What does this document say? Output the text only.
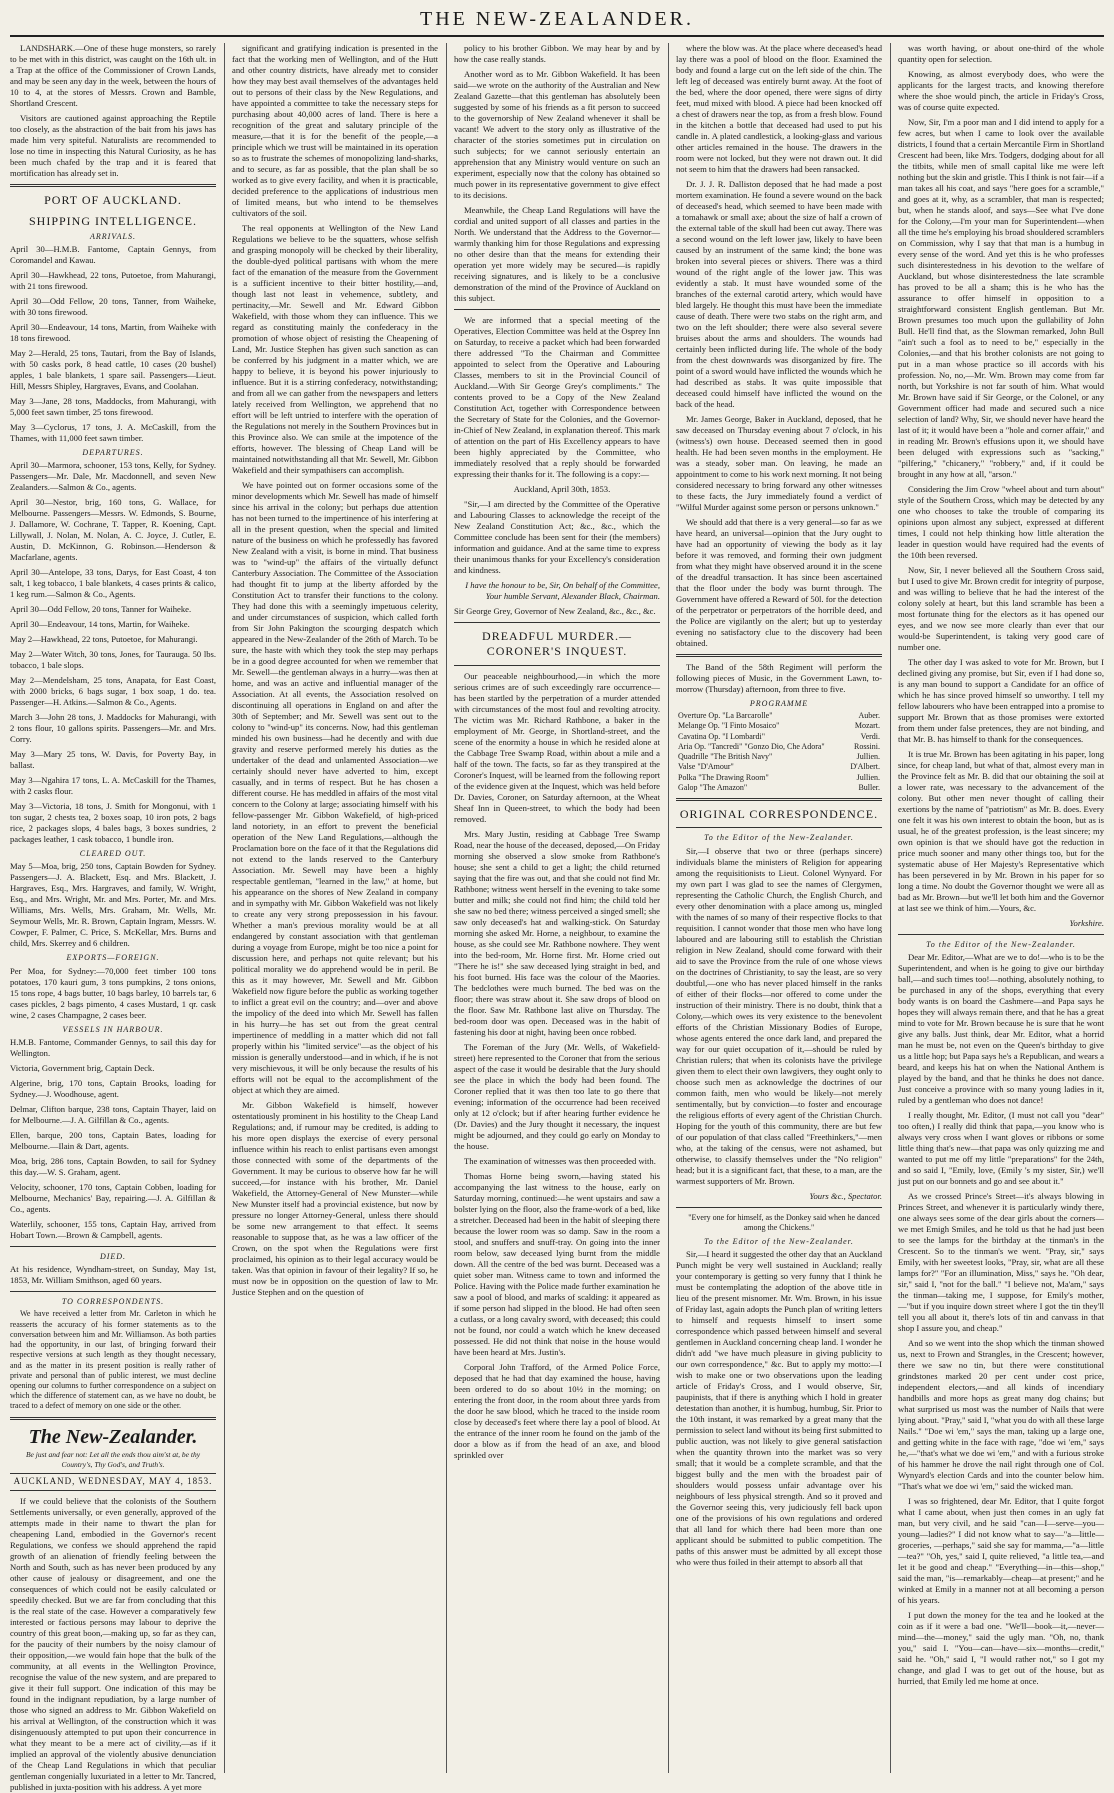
THE NEW-ZEALANDER.

LANDSHARK.—One of these huge monsters, so rarely to be met with in this district, was caught on the 16th ult. in a Trap at the office of the Commissioner of Crown Lands, and may be seen any day in the week, between the hours of 10 to 4, at the stores of Messrs. Crown and Bamble, Shortland Crescent.

Visitors are cautioned against approaching the Reptile too closely, as the abstraction of the bait from his jaws has made him very spiteful. Naturalists are recommended to lose no time in inspecting this Natural Curiosity, as he has been much chafed by the trap and it is feared that mortification has already set in.

PORT OF AUCKLAND.
SHIPPING INTELLIGENCE.
ARRIVALS.

April 30—H.M.B. Fantome, Captain Gennys, from Coromandel and Kawau.

April 30—Hawkhead, 22 tons, Putoetoe, from Mahurangi, with 21 tons firewood.

April 30—Odd Fellow, 20 tons, Tanner, from Waiheke, with 30 tons firewood.

April 30—Endeavour, 14 tons, Martin, from Waiheke with 18 tons firewood.

May 2—Herald, 25 tons, Tautari, from the Bay of Islands, with 50 casks pork, 8 head cattle, 10 cases (20 bushel) apples, 1 bale blankets, 1 spare sail. Passengers—Lieut. Hill, Messrs Shipley, Hargraves, Evans, and Coolahan.

May 3—Jane, 28 tons, Maddocks, from Mahurangi, with 5,000 feet sawn timber, 25 tons firewood.

May 3—Cyclorus, 17 tons, J. A. McCaskill, from the Thames, with 11,000 feet sawn timber.

DEPARTURES.

April 30—Marmora, schooner, 153 tons, Kelly, for Sydney. Passengers—Mr. Dale, Mr. Macdonnell, and seven New Zealanders.—Salmon & Co., agents.

April 30—Nestor, brig, 160 tons, G. Wallace, for Melbourne. Passengers—Messrs. W. Edmonds, S. Bourne, J. Dallamore, W. Cochrane, T. Tapper, R. Koening, Capt. Lillywall, J. Nolan, M. Nolan, A. C. Joyce, J. Cutler, E. Austin, D. McKinnon, G. Robinson.—Henderson & Macfarlane, agents.

April 30—Antelope, 33 tons, Darys, for East Coast, 4 ton salt, 1 keg tobacco, 1 bale blankets, 4 cases prints & calico, 1 keg rum.—Salmon & Co., Agents.

April 30—Odd Fellow, 20 tons, Tanner for Waiheke.

April 30—Endeavour, 14 tons, Martin, for Waiheke.

May 2—Hawkhead, 22 tons, Putoetoe, for Mahurangi.

May 2—Water Witch, 30 tons, Jones, for Taurauga. 50 lbs. tobacco, 1 bale slops.

May 2—Mendelsham, 25 tons, Anapata, for East Coast, with 2000 bricks, 6 bags sugar, 1 box soap, 1 do. tea. Passenger—H. Atkins.—Salmon & Co., Agents.

March 3—John 28 tons, J. Maddocks for Mahurangi, with 2 tons flour, 10 gallons spirits. Passengers—Mr. and Mrs. Corry.

May 3—Mary 25 tons, W. Davis, for Poverty Bay, in ballast.

May 3—Ngahira 17 tons, L. A. McCaskill for the Thames, with 2 casks flour.

May 3—Victoria, 18 tons, J. Smith for Mongonui, with 1 ton sugar, 2 chests tea, 2 boxes soap, 10 iron pots, 2 bags rice, 2 packages slops, 4 bales bags, 3 boxes sundries, 2 packages leather, 1 cask tobacco, 1 bundle iron.

CLEARED OUT.

May 5—Moa, brig, 250 tons, Captain Bowden for Sydney. Passengers—J. A. Blackett, Esq. and Mrs. Blackett, J. Hargraves, Esq., Mrs. Hargraves, and family, W. Wright, Esq., and Mrs. Wright, Mr. and Mrs. Porter, Mr. and Mrs. Williams, Mrs. Wells, Mrs. Graham, Mr. Wells, Mr. Seymour Wells, Mr. R. Brown, Captain Ingram, Messrs. W. Cowper, F. Palmer, C. Price, S. McKellar, Mrs. Burns and child, Mrs. Skerrey and 6 children.

EXPORTS—FOREIGN.

Per Moa, for Sydney:—70,000 feet timber 100 tons potatoes, 170 kauri gum, 3 tons pumpkins, 2 tons onions, 15 tons rope, 4 bags butter, 10 bags barley, 10 barrels tar, 6 cases pickles, 2 bags pimento, 4 cases Mustard, 1 qr. cask wine, 2 cases Champagne, 2 cases beer.

VESSELS IN HARBOUR.

H.M.B. Fantome, Commander Gennys, to sail this day for Wellington.

Victoria, Government brig, Captain Deck.

Algerine, brig, 170 tons, Captain Brooks, loading for Sydney.—J. Woodhouse, agent.

Delmar, Clifton barque, 238 tons, Captain Thayer, laid on for Melbourne.—J. A. Gilfillan & Co., agents.

Ellen, barque, 200 tons, Captain Bates, loading for Melbourne.—Ilain & Dart, agents.

Moa, brig, 286 tons, Captain Bowden, to sail for Sydney this day.—W. S. Graham, agent.

Velocity, schooner, 170 tons, Captain Cobben, loading for Melbourne, Mechanics' Bay, repairing.—J. A. Gilfillan & Co., agents.

Waterlily, schooner, 155 tons, Captain Hay, arrived from Hobart Town.—Brown & Campbell, agents.

DIED.

At his residence, Wyndham-street, on Sunday, May 1st, 1853, Mr. William Smithson, aged 60 years.

TO CORRESPONDENTS.

We have received a letter from Mr. Carleton in which he reasserts the accuracy of his former statements as to the conversation between him and Mr. Williamson. As both parties had the opportunity, in our last, of bringing forward their respective versions at such length as they thought necessary, and as the matter in its present position is really rather of private and personal than of public interest, we must decline opening our columns to further correspondence on a subject on which the difference of statement can, as we have no doubt, be traced to a defect of memory on one side or the other.

The New-Zealander.
Be just and fear not: Let all the ends thou aim'st at, be thy Country's, Thy God's, and Truth's.
AUCKLAND, WEDNESDAY, MAY 4, 1853.

If we could believe that the colonists of the Southern Settlements universally, or even generally, approved of the attempts made in their name to thwart the plan for cheapening Land, embodied in the Governor's recent Regulations, we confess we should apprehend the rapid growth of an alienation of friendly feeling between the North and South, such as has never been produced by any other cause of jealousy or disagreement, and one the consequences of which could not be easily calculated or speedily checked. But we are far from concluding that this is the real state of the case. However a comparatively few interested or factious persons may labour to deprive the country of this great boon,—making up, so far as they can, for the paucity of their numbers by the noisy clamour of their opposition,—we would fain hope that the bulk of the community, at all events in the Wellington Province, recognise the value of the new system, and are prepared to give it their full support. One indication of this may be found in the indignant repudiation, by a large number of those who signed an address to Mr. Gibbon Wakefield on his arrival at Wellington, of the construction which it was disingenuously attempted to put upon their concurrence in what they meant to be a mere act of civility,—as if it implied an approval of the violently abusive denunciation of the Cheap Land Regulations in which that peculiar gentleman congenially luxuriated in a letter to Mr. Tancred, published in juxta-position with his address. A yet more

significant and gratifying indication is presented in the fact that the working men of Wellington, and of the Hutt and other country districts, have already met to consider how they may best avail themselves of the advantages held out to persons of their class by the New Regulations, and have appointed a committee to take the necessary steps for purchasing about 40,000 acres of land. There is here a recognition of the great and salutary principle of the measure,—that it is for the benefit of the people,—a principle which we trust will be maintained in its operation so as to frustrate the schemes of monopolizing land-sharks, and to secure, as far as possible, that the plan shall be so worked as to give every facility, and when it is practicable, decided preference to the applications of industrious men of limited means, but who intend to be themselves cultivators of the soil.

The real opponents at Wellington of the New Land Regulations we believe to be the squatters, whose selfish and grasping monopoly will be checked by their liberality, the double-dyed political partisans with whom the mere fact of the emanation of the measure from the Government is a sufficient incentive to their bitter hostility,—and, though last not least in vehemence, subtlety, and pertinacity,—Mr. Sewell and Mr. Edward Gibbon Wakefield, with those whom they can influence. This we regard as constituting mainly the confederacy in the promotion of whose object of resisting the Cheapening of Land, Mr. Justice Stephen has given such sanction as can be conferred by his judgment in a matter which, we are happy to believe, it is beyond his power injuriously to influence. But it is a stirring confederacy, notwithstanding; and from all we can gather from the newspapers and letters lately received from Wellington, we apprehend that no effort will be left untried to interfere with the operation of the Regulations not merely in the Southern Provinces but in this Province also. We can smile at the impotence of the efforts, however. The blessing of Cheap Land will be maintained notwithstanding all that Mr. Sewell, Mr. Gibbon Wakefield and their sympathisers can accomplish.

We have pointed out on former occasions some of the minor developments which Mr. Sewell has made of himself since his arrival in the colony; but perhaps due attention has not been turned to the impertinence of his interfering at all in the present question, when the special and limited nature of the business on which he professedly has favored New Zealand with a visit, is borne in mind. That business was to "wind-up" the affairs of the virtually defunct Canterbury Association. The Committee of the Association had thought fit to jump at the liberty afforded by the Constitution Act to transfer their functions to the colony. They had done this with a seemingly impetuous celerity, and under circumstances of suspicion, which called forth from Sir John Pakington the scourging despatch which appeared in the New-Zealander of the 26th of March. To be sure, the haste with which they took the step may perhaps be in a good degree accounted for when we remember that Mr. Sewell—the gentleman always in a hurry—was then at home, and was an active and influential manager of the Association. At all events, the Association resolved on discontinuing all operations in England on and after the 30th of September; and Mr. Sewell was sent out to the colony to "wind-up" its concerns. Now, had this gentleman minded his own business—had he decently and with due gravity and reserve performed merely his duties as the undertaker of the dead and unlamented Association—we certainly should never have adverted to him, except casually, and in terms of respect. But he has chosen a different course. He has meddled in affairs of the most vital concern to the Colony at large; associating himself with his fellow-passenger Mr. Gibbon Wakefield, of high-priced land notoriety, in an effort to prevent the beneficial operation of the New Land Regulations,—although the Proclamation bore on the face of it that the Regulations did not extend to the lands reserved to the Canterbury Association. Mr. Sewell may have been a highly respectable gentleman, "learned in the law," at home, but his appearance on the shores of New Zealand in company and in sympathy with Mr. Gibbon Wakefield was not likely to create any very strong prepossession in his favour. Whether a man's previous morality would be at all endangered by constant association with that gentleman during a voyage from Europe, might be too nice a point for discussion here, and perhaps not quite relevant; but his political morality we do apprehend would be in peril. Be this as it may however, Mr. Sewell and Mr. Gibbon Wakefield now figure before the public as working together to inflict a great evil on the country; and—over and above the impolicy of the deed into which Mr. Sewell has fallen in his hurry—he has set out from the great central impertinence of meddling in a matter which did not fall properly within his "limited service"—as the object of his mission is generally understood—and in which, if he is not very mischievous, it will be only because the results of his efforts will not be equal to the accomplishment of the object at which they are aimed.

Mr. Gibbon Wakefield is himself, however ostentatiously prominent in his hostility to the Cheap Land Regulations; and, if rumour may be credited, is adding to his more open displays the exercise of every personal influence within his reach to enlist partisans even amongst those connected with some of the departments of the Government. It may be curious to observe how far he will succeed,—for instance with his brother, Mr. Daniel Wakefield, the Attorney-General of New Munster—while New Munster itself had a provincial existence, but now by pressure no longer Attorney-General, unless there should be some new arrangement to that effect. It seems reasonable to suppose that, as he was a law officer of the Crown, on the spot when the Regulations were first proclaimed, his opinion as to their legal accuracy would be taken. Was that opinion in favour of their legality? If so, he must now be in opposition on the question of law to Mr. Justice Stephen and on the question of

policy to his brother Gibbon. We may hear by and by how the case really stands.

Another word as to Mr. Gibbon Wakefield. It has been said—we wrote on the authority of the Australian and New Zealand Gazette—that this gentleman has absolutely been suggested by some of his friends as a fit person to succeed to the governorship of New Zealand whenever it shall be vacant! We advert to the story only as illustrative of the character of the stories sometimes put in circulation on such subjects; for we cannot seriously entertain an apprehension that any Ministry would venture on such an experiment, especially now that the colony has obtained so much power in its representative government to give effect to its decisions.

Meanwhile, the Cheap Land Regulations will have the cordial and united support of all classes and parties in the North. We understand that the Address to the Governor—warmly thanking him for those Regulations and expressing no other desire than that the means for extending their operation yet more widely may be secured—is rapidly receiving signatures, and is likely to be a conclusive demonstration of the mind of the Province of Auckland on this subject.

We are informed that a special meeting of the Operatives, Election Committee was held at the Osprey Inn on Saturday, to receive a packet which had been forwarded there addressed "To the Chairman and Committee appointed to select from the Operative and Labouring Classes, members to sit in the Provincial Council of Auckland.—With Sir George Grey's compliments." The contents proved to be a Copy of the New Zealand Constitution Act, together with Correspondence between the Secretary of State for the Colonies, and the Governor-in-Chief of New Zealand, in explanation thereof. This mark of attention on the part of His Excellency appears to have been highly appreciated by the Committee, who immediately resolved that a reply should be forwarded expressing their thanks for it. The following is a copy:—

Auckland, April 30th, 1853.

"Sir,—I am directed by the Committee of the Operative and Labouring Classes to acknowledge the receipt of the New Zealand Constitution Act; &c., &c., which the Committee conclude has been sent for their (the members) information and guidance. And at the same time to express their unanimous thanks for your Excellency's consideration and kindness.

I have the honour to be, Sir, On behalf of the Committee, Your humble Servant, Alexander Black, Chairman.

Sir George Grey, Governor of New Zealand, &c., &c., &c.

DREADFUL MURDER.—CORONER'S INQUEST.

Our peaceable neighbourhood,—in which the more serious crimes are of such exceedingly rare occurrence—has been startled by the perpetration of a murder attended with circumstances of the most foul and revolting atrocity. The victim was Mr. Richard Rathbone, a baker in the employment of Mr. George, in Shortland-street, and the scene of the enormity a house in which he resided alone at the Cabbage Tree Swamp Road, within about a mile and a half of the town. The facts, so far as they transpired at the Coroner's Inquest, will be learned from the following report of the evidence given at the Inquest, which was held before Dr. Davies, Coroner, on Saturday afternoon, at the Wheat Sheaf Inn in Queen-street, to which the body had been removed.

Mrs. Mary Justin, residing at Cabbage Tree Swamp Road, near the house of the deceased, deposed,—On Friday morning she observed a slow smoke from Rathbone's house; she sent a child to get a light; the child returned saying that the fire was out, and that she could not find Mr. Rathbone; witness went herself in the evening to take some butter and milk; she could not find him; the child told her she saw no bed there; witness perceived a singed smell; she saw only deceased's hat and walking-stick. On Saturday morning she asked Mr. Horne, a neighbour, to examine the house, as she could see Mr. Rathbone nowhere. They went into the bed-room, Mr. Horne first. Mr. Horne cried out "There he is!" she saw deceased lying straight in bed, and his foot burned. His face was the colour of the Maories. The bedclothes were much burned. The bed was on the floor; there was straw about it. She saw drops of blood on the floor. Saw Mr. Rathbone last alive on Thursday. The bed-room door was open. Deceased was in the habit of fastening his door at night, having been once robbed.

The Foreman of the Jury (Mr. Wells, of Wakefield-street) here represented to the Coroner that from the serious aspect of the case it would be desirable that the Jury should see the place in which the body had been found. The Coroner replied that it was then too late to go there that evening; information of the occurrence had been received only at 12 o'clock; but if after hearing further evidence he (Dr. Davies) and the Jury thought it necessary, the inquest might be adjourned, and they could go early on Monday to the house.

The examination of witnesses was then proceeded with.

Thomas Horne being sworn,—having stated his accompanying the last witness to the house, early on Saturday morning, continued:—he went upstairs and saw a bolster lying on the floor, also the frame-work of a bed, like a stretcher. Deceased had been in the habit of sleeping there because the lower room was so damp. Saw in the room a stool, and snuffers and snuff-tray. On going into the inner room below, saw deceased lying burnt from the middle down. All the centre of the bed was burnt. Deceased was a quiet sober man. Witness came to town and informed the Police. Having with the Police made further examination he saw a pool of blood, and marks of scalding: it appeared as if some person had slipped in the blood. He had often seen a cutlass, or a long cavalry sword, with deceased; this could not be found, nor could a watch which he knew deceased possessed. He did not think that noise in the house would have been heard at Mrs. Justin's.

Corporal John Trafford, of the Armed Police Force, deposed that he had that day examined the house, having been ordered to do so about 10½ in the morning; on entering the front door, in the room about three yards from the door he saw blood, which he traced to the inside room close by deceased's feet where there lay a pool of blood. At the entrance of the inner room he found on the jamb of the door a blow as if from the head of an axe, and blood sprinkled over

where the blow was. At the place where deceased's head lay there was a pool of blood on the floor. Examined the body and found a large cut on the left side of the chin. The left leg of deceased was entirely burnt away. At the foot of the bed, where the door opened, there were signs of dirty feet, mud mixed with blood. A piece had been knocked off a chest of drawers near the top, as from a fresh blow. Found in the kitchen a bottle that deceased had used to put his candle in. A plated candlestick, a looking-glass and various other articles remained in the house. The drawers in the room were not locked, but they were not drawn out. It did not seem to him that the drawers had been ransacked.

Dr. J. J. R. Dalliston deposed that he had made a post mortem examination. He found a severe wound on the back of deceased's head, which seemed to have been made with a tomahawk or small axe; about the size of half a crown of the external table of the skull had been cut away. There was a second wound on the left lower jaw, likely to have been caused by an instrument of the same kind; the bone was broken into several pieces or shivers. There was a third wound of the right angle of the lower jaw. This was evidently a stab. It must have wounded some of the branches of the external carotid artery, which would have bled largely. He thought this must have been the immediate cause of death. There were two stabs on the right arm, and two on the left shoulder; there were also several severe bruises about the arms and shoulders. The wounds had certainly been inflicted during life. The whole of the body from the chest downwards was disorganized by fire. The point of a sword would have inflicted the wounds which he had described as stabs. It was quite impossible that deceased could himself have inflicted the wound on the back of the head.

Mr. James George, Baker in Auckland, deposed, that he saw deceased on Thursday evening about 7 o'clock, in his (witness's) own house. Deceased seemed then in good health. He had been seven months in the employment. He was a steady, sober man. On leaving, he made an appointment to come to his work next morning. It not being considered necessary to bring forward any other witnesses to these facts, the Jury immediately found a verdict of "Wilful Murder against some person or persons unknown."

We should add that there is a very general—so far as we have heard, an universal—opinion that the Jury ought to have had an opportunity of viewing the body as it lay before it was removed, and forming their own judgment from what they might have observed around it in the scene of the dreadful transaction. It has since been ascertained that the floor under the body was burnt through. The Government have offered a Reward of 50l. for the detection of the perpetrator or perpetrators of the horrible deed, and the Police are vigilantly on the alert; but up to yesterday evening no satisfactory clue to the discovery had been obtained.

The Band of the 58th Regiment will perform the following pieces of Music, in the Government Lawn, to-morrow (Thursday) afternoon, from three to five.

PROGRAMME
Overture Op. "La Barcarolle"	Auber.
Melange Op. "I Finto Mosaico"	Mozart.
Cavatina Op. "I Lombardi"	Verdi.
Aria Op. "Tancredi" "Gonzo Dio, Che Adora"	Rossini.
Quadrille "The British Navy"	Jullien.
Valse "D'Amour"	D'Albert.
Polka "The Drawing Room"	Jullien.
Galop "The Amazon"	Buller.
ORIGINAL CORRESPONDENCE.
To the Editor of the New-Zealander.

Sir,—I observe that two or three (perhaps sincere) individuals blame the ministers of Religion for appearing among the requisitionists to Lieut. Colonel Wynyard. For my own part I was glad to see the names of Clergymen, representing the Catholic Church, the English Church, and every other denomination with a place among us, mingled with the names of so many of their respective flocks to that requisition. I cannot wonder that those men who have long laboured and are labouring still to establish the Christian religion in New Zealand, should come forward with their aid to save the Province from the rule of one whose views on the doctrines of Christianity, to say the least, are so very doubtful,—one who has never placed himself in the ranks of either of their flocks—nor offered to come under the instruction of their ministry. There is no doubt, think that a Colony,—which owes its very existence to the benevolent efforts of the Christian Missionary Bodies of Europe, whose agents entered the once dark land, and prepared the way for our quiet occupation of it,—should be ruled by Christian rulers; that when its colonists have the privilege given them to elect their own lawgivers, they ought only to choose such men as acknowledge the doctrines of our common faith, men who would be likely—not merely sentimentally, but by conviction—to foster and encourage the religious efforts of every agent of the Christian Church. Hoping for the youth of this community, there are but few of our population of that class called "Freethinkers,"—men who, at the taking of the census, were not ashamed, but otherwise, to classify themselves under the "No religion" head; but it is a significant fact, that these, to a man, are the warmest supporters of Mr. Brown.

Yours &c., Spectator.

"Every one for himself, as the Donkey said when he danced among the Chickens."

To the Editor of the New-Zealander.

Sir,—I heard it suggested the other day that an Auckland Punch might be very well sustained in Auckland; really your contemporary is getting so very funny that I think he must be contemplating the adoption of the above title in lieu of the present misnomer. Mr. Wm. Brown, in his issue of Friday last, again adopts the Punch plan of writing letters to himself and requests himself to insert some correspondence which passed between himself and several gentlemen in Auckland concerning cheap land. I wonder he didn't add "we have much pleasure in giving publicity to our own correspondence," &c. But to apply my motto:—I wish to make one or two observations upon the leading article of Friday's Cross, and I would observe, Sir, paupinists, that if there is anything which I hold in greater detestation than another, it is humbug, humbug, Sir. Prior to the 10th instant, it was remarked by a great many that the permission to select land without its being first submitted to public auction, was not likely to give general satisfaction when the quantity thrown into the market was so very small; that it would be a complete scramble, and that the biggest bully and the men with the broadest pair of shoulders would possess unfair advantage over his neighbours of less physical strength. And so it proved and the Governor seeing this, very judiciously fell back upon one of the provisions of his own regulations and ordered that all land for which there had been more than one applicant should be submitted to public competition. The paths of this answer must be admitted by all except those who were thus foiled in their attempt to absorb all that

was worth having, or about one-third of the whole quantity open for selection.

Knowing, as almost everybody does, who were the applicants for the largest tracts, and knowing therefore where the shoe would pinch, the article in Friday's Cross, was of course quite expected.

Now, Sir, I'm a poor man and I did intend to apply for a few acres, but when I came to look over the available districts, I found that a certain Mercantile Firm in Shortland Crescent had been, like Mrs. Todgers, dodging about for all the titbits, while men of small capital like me were left nothing but the skin and gristle. This I think is not fair—if a man takes all his coat, and says "here goes for a scramble," and goes at it, why, as a scrambler, that man is respected; but, when he stands aloof, and says—See what I've done for the Colony,—I'm your man for Superintendent—when all the time he's employing his broad shouldered scramblers on Commission, why I say that that man is a humbug in every sense of the word. And yet this is he who professes such disinterestedness in his devotion to the welfare of Auckland, but whose disinterestedness the late scramble has proved to be all a sham; this is he who has the assurance to offer himself in opposition to a straightforward consistent English gentleman. But Mr. Brown presumes too much upon the gullability of John Bull. He'll find that, as the Slowman remarked, John Bull "ain't such a fool as to need to be," especially in the Colonies,—and that his brother colonists are not going to put in a man whose practice so ill accords with his profession. No, no,—Mr. Wm. Brown may come from far north, but Yorkshire is not far south of him. What would Mr. Brown have said if Sir George, or the Colonel, or any Government officer had made and secured such a nice selection of land? Why, Sir, we should never have heard the last of it; it would have been a "hole and corner affair," and in reading Mr. Brown's effusions upon it, we should have been deluged with expressions such as "sacking," "pilfering," "chicanery," "robbery," and, if it could be brought in any how at all, "arson."

Considering the Jim Crow "wheel about and turn about" style of the Southern Cross, which may be detected by any one who chooses to take the trouble of comparing its opinions upon almost any subject, expressed at different times, I could not help thinking how little alteration the leader in question would have required had the events of the 10th been reversed.

Now, Sir, I never believed all the Southern Cross said, but I used to give Mr. Brown credit for integrity of purpose, and was willing to believe that he had the interest of the colony solely at heart, but this land scramble has been a most fortunate thing for the electors as it has opened our eyes, and we now see more clearly than ever that our would-be Superintendent, is taking very good care of number one.

The other day I was asked to vote for Mr. Brown, but I declined giving any promise, but Sir, even if I had done so, is any man bound to support a Candidate for an office of which he has since proved himself so unworthy. I tell my fellow labourers who have been entrapped into a promise to support Mr. Brown that as those promises were extorted from them under false pretences, they are not binding, and that Mr. B. has himself to thank for the consequences.

It is true Mr. Brown has been agitating in his paper, long since, for cheap land, but what of that, almost every man in the Province felt as Mr. B. did that our obtaining the soil at a lower rate, was necessary to the advancement of the colony. But other men never thought of calling their exertions by the name of "patriotism" as Mr. B. does. Every one felt it was his own interest to obtain the boon, but as is usual, he of the greatest profession, is the least sincere; my own opinion is that we should have got the reduction in price much sooner and many other things too, but for the systematic abuse of Her Majesty's Representative which has been persevered in by Mr. Brown in his paper for so long a time. No doubt the Governor thought we were all as bad as Mr. Brown—but we'll let both him and the Governor at last see we think of him.—Yours, &c.

Yorkshire.

To the Editor of the New-Zealander.

Dear Mr. Editor,—What are we to do!—who is to be the Superintendent, and when is he going to give our birthday ball,—and such times too!—nothing, absolutely nothing, to be purchased in any of the shops, everything that every body wants is on board the Cashmere—and Papa says he hopes they will always remain there, and that he has a great mind to vote for Mr. Brown because he is sure that he wont give any balls. Just think, dear Mr. Editor, what a horrid man he must be, not even on the Queen's birthday to give us a little hop; but Papa says he's a Republican, and wears a beard, and keeps his hat on when the National Anthem is played by the band, and that he thinks he does not dance. Just conceive a province with so many young ladies in it, ruled by a gentleman who does not dance!

I really thought, Mr. Editor, (I must not call you "dear" too often,) I really did think that papa,—you know who is always very cross when I want gloves or ribbons or some little thing that's new—that papa was only quizzing me and wanted to put me off my little "preparations" for the 24th, and so said I, "Emily, love, (Emily 's my sister, Sir,) we'll just put on our bonnets and go and see about it."

As we crossed Prince's Street—it's always blowing in Princes Street, and whenever it is particularly windy there, one always sees some of the dear girls about the corners—we met Emigh Smiles, and he told us that he had just been to see the lamps for the birthday at the tinman's in the Crescent. So to the tinman's we went. "Pray, sir," says Emily, with her sweetest looks, "Pray, sir, what are all these lamps for?" "For an illumination, Miss," says he. "Oh dear, sir," said I, "not for the ball." "I believe not, Ma'am," says the tinman—taking me, I suppose, for Emily's mother,—"but if you inquire down street where I got the tin they'll tell you all about it, there's lots of tin and canvass in that shop I assure you, and cheap."

And so we went into the shop which the tinman showed us, next to Frown and Strangles, in the Crescent; however, there we saw no tin, but there were constitutional grindstones marked 20 per cent under cost price, independent electors,—and all kinds of incendiary handbills and more hops as great many dog chains; but what surprised us most was the number of Nails that were lying about. "Pray," said I, "what you do with all these large Nails." "Doe wi 'em," says the man, taking up a large one, and getting white in the face with rage, "doe wi 'em," says he,—"that's what we doe wi 'em," and with a furious stroke of his hammer he drove the nail right through one of Col. Wynyard's election Cards and into the counter below him. "That's what we doe wi 'em," said the wicked man.

I was so frightened, dear Mr. Editor, that I quite forgot what I came about, when just then comes in an ugly fat man, but very civil, and he said "can—I—serve—you—young—ladies?" I did not know what to say—"a—little—groceries, —perhaps," said she say for mamma,—"a—little—tea?" "Oh, yes," said I, quite relieved, "a little tea,—and let it be good and cheap." "Everything—in—this—shop," said the man, "is—remarkably—cheap—at present;" and he winked at Emily in a manner not at all becoming a person of his years.

I put down the money for the tea and he looked at the coin as if it were a bad one. "We'll—book—it,—never—mind—the—money," said the ugly man. "Oh, no, thank you," said I. "You—can—have—six—months—credit," said he. "Oh," said I, "I would rather not," so I got my change, and glad I was to get out of the house, but as hurried, that Emily led me home at once.
